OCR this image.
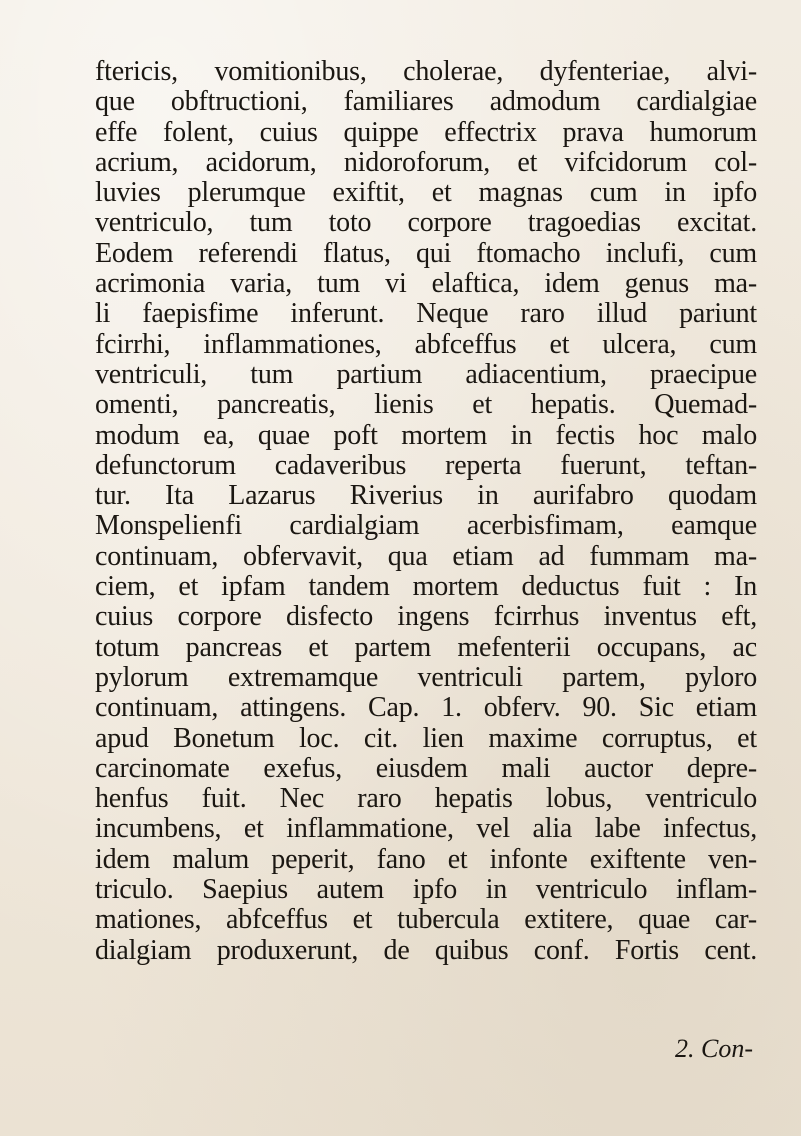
ftericis, vomitionibus, cholerae, dyfenteriae, alvi-
que obftructioni, familiares admodum cardialgiae
effe folent, cuius quippe effectrix prava humorum
acrium, acidorum, nidoroforum, et vifcidorum col-
luvies plerumque exiftit, et magnas cum in ipfo
ventriculo, tum toto corpore tragoedias excitat.
Eodem referendi flatus, qui ftomacho inclufi, cum
acrimonia varia, tum vi elaftica, idem genus ma-
li faepisfime inferunt. Neque raro illud pariunt
fcirrhi, inflammationes, abfceffus et ulcera, cum
ventriculi, tum partium adiacentium, praecipue
omenti, pancreatis, lienis et hepatis. Quemad-
modum ea, quae poft mortem in fectis hoc malo
defunctorum cadaveribus reperta fuerunt, teftan-
tur. Ita Lazarus Riverius in aurifabro quodam
Monspelienfi cardialgiam acerbisfimam, eamque
continuam, obfervavit, qua etiam ad fummam ma-
ciem, et ipfam tandem mortem deductus fuit : In
cuius corpore disfecto ingens fcirrhus inventus eft,
totum pancreas et partem mefenterii occupans, ac
pylorum extremamque ventriculi partem, pyloro
continuam, attingens. Cap. 1. obferv. 90. Sic etiam
apud Bonetum loc. cit. lien maxime corruptus, et
carcinomate exefus, eiusdem mali auctor depre-
henfus fuit. Nec raro hepatis lobus, ventriculo
incumbens, et inflammatione, vel alia labe infectus,
idem malum peperit, fano et infonte exiftente ven-
triculo. Saepius autem ipfo in ventriculo inflam-
mationes, abfceffus et tubercula extitere, quae car-
dialgiam produxerunt, de quibus conf. Fortis cent.
2. Con-
